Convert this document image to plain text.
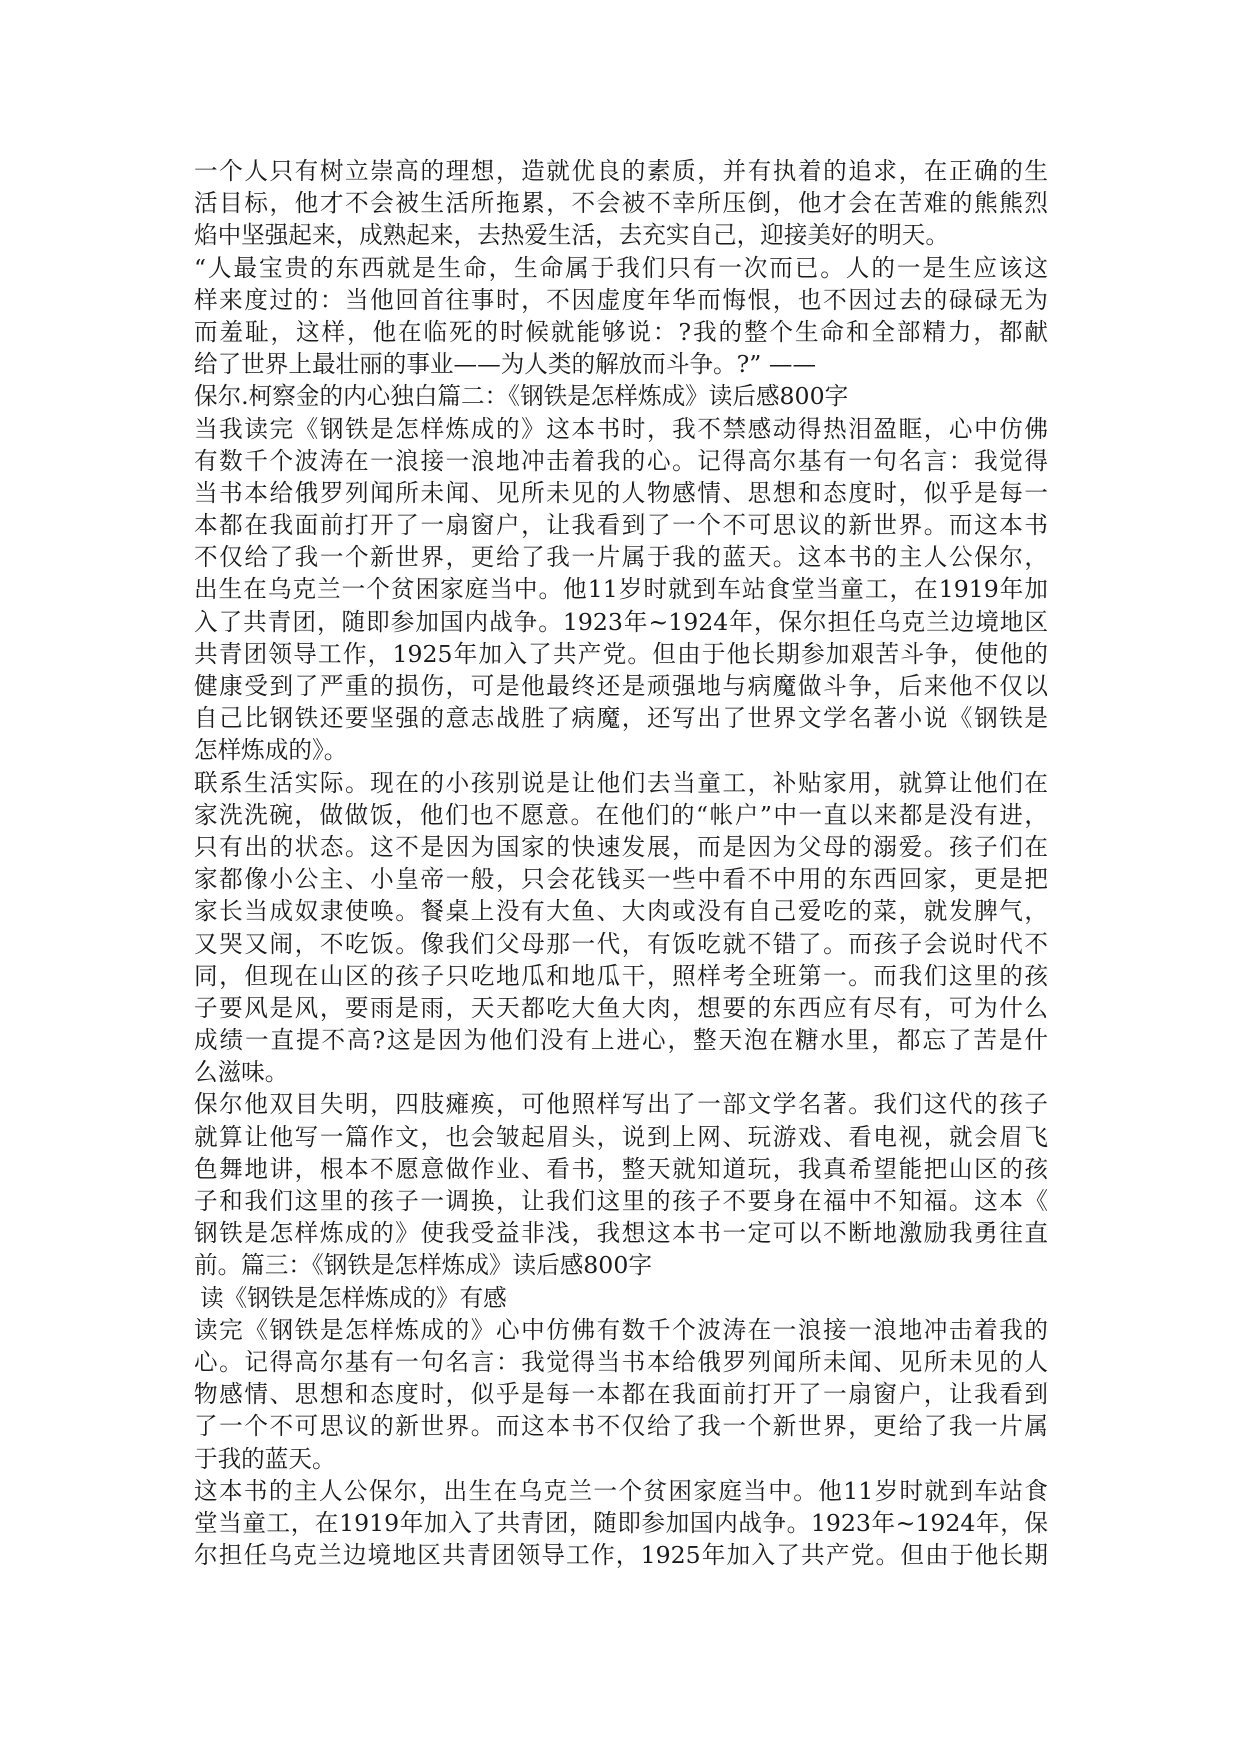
一个人只有树立崇高的理想，造就优良的素质，并有执着的追求，在正确的生
活目标，他才不会被生活所拖累，不会被不幸所压倒，他才会在苦难的熊熊烈
焰中坚强起来，成熟起来，去热爱生活，去充实自己，迎接美好的明天。
“人最宝贵的东西就是生命，生命属于我们只有一次而已。人的一是生应该这
样来度过的：当他回首往事时，不因虚度年华而悔恨，也不因过去的碌碌无为
而羞耻，这样，他在临死的时候就能够说：?我的整个生命和全部精力，都献
给了世界上最壮丽的事业——为人类的解放而斗争。?” ——
保尔.柯察金的内心独白篇二：《钢铁是怎样炼成》读后感800字
当我读完《钢铁是怎样炼成的》这本书时，我不禁感动得热泪盈眶，心中仿佛
有数千个波涛在一浪接一浪地冲击着我的心。记得高尔基有一句名言：我觉得
当书本给俄罗列闻所未闻、见所未见的人物感情、思想和态度时，似乎是每一
本都在我面前打开了一扇窗户，让我看到了一个不可思议的新世界。而这本书
不仅给了我一个新世界，更给了我一片属于我的蓝天。这本书的主人公保尔，
出生在乌克兰一个贫困家庭当中。他11岁时就到车站食堂当童工，在1919年加
入了共青团，随即参加国内战争。1923年~1924年，保尔担任乌克兰边境地区
共青团领导工作，1925年加入了共产党。但由于他长期参加艰苦斗争，使他的
健康受到了严重的损伤，可是他最终还是顽强地与病魔做斗争，后来他不仅以
自己比钢铁还要坚强的意志战胜了病魔，还写出了世界文学名著小说《钢铁是
怎样炼成的》。
联系生活实际。现在的小孩别说是让他们去当童工，补贴家用，就算让他们在
家洗洗碗，做做饭，他们也不愿意。在他们的“帐户”中一直以来都是没有进，
只有出的状态。这不是因为国家的快速发展，而是因为父母的溺爱。孩子们在
家都像小公主、小皇帝一般，只会花钱买一些中看不中用的东西回家，更是把
家长当成奴隶使唤。餐桌上没有大鱼、大肉或没有自己爱吃的菜，就发脾气，
又哭又闹，不吃饭。像我们父母那一代，有饭吃就不错了。而孩子会说时代不
同，但现在山区的孩子只吃地瓜和地瓜干，照样考全班第一。而我们这里的孩
子要风是风，要雨是雨，天天都吃大鱼大肉，想要的东西应有尽有，可为什么
成绩一直提不高?这是因为他们没有上进心，整天泡在糖水里，都忘了苦是什
么滋味。
保尔他双目失明，四肢瘫痪，可他照样写出了一部文学名著。我们这代的孩子
就算让他写一篇作文，也会皱起眉头，说到上网、玩游戏、看电视，就会眉飞
色舞地讲，根本不愿意做作业、看书，整天就知道玩，我真希望能把山区的孩
子和我们这里的孩子一调换，让我们这里的孩子不要身在福中不知福。这本《
钢铁是怎样炼成的》使我受益非浅，我想这本书一定可以不断地激励我勇往直
前。篇三：《钢铁是怎样炼成》读后感800字
读《钢铁是怎样炼成的》有感
读完《钢铁是怎样炼成的》心中仿佛有数千个波涛在一浪接一浪地冲击着我的
心。记得高尔基有一句名言：我觉得当书本给俄罗列闻所未闻、见所未见的人
物感情、思想和态度时，似乎是每一本都在我面前打开了一扇窗户，让我看到
了一个不可思议的新世界。而这本书不仅给了我一个新世界，更给了我一片属
于我的蓝天。
这本书的主人公保尔，出生在乌克兰一个贫困家庭当中。他11岁时就到车站食
堂当童工，在1919年加入了共青团，随即参加国内战争。1923年~1924年，保
尔担任乌克兰边境地区共青团领导工作，1925年加入了共产党。但由于他长期
